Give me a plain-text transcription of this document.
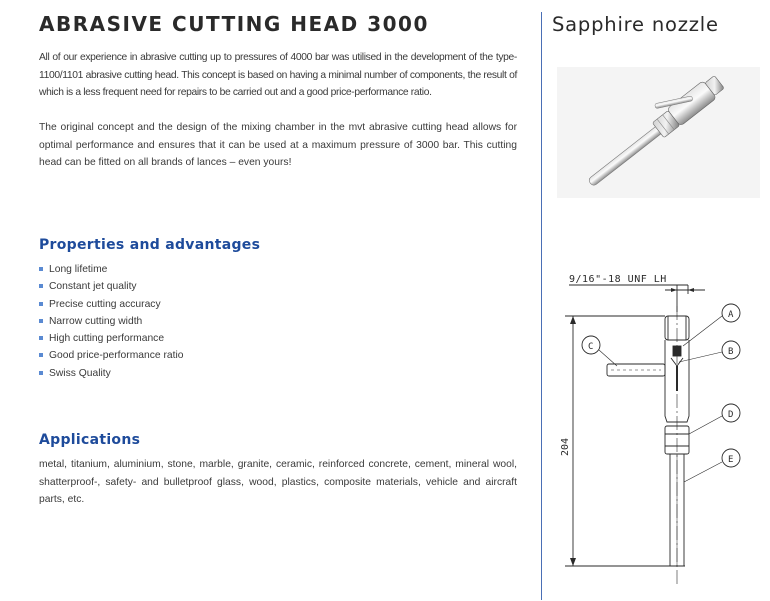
ABRASIVE CUTTING HEAD 3000	Sapphire nozzle

All of our experience in abrasive cutting up to pressures of 4000 bar was utilised in the development of the type-1100/1101 abrasive cutting head. This concept is based on having a minimal number of components, the result of which is a less frequent need for repairs to be carried out and a good price-performance ratio.

The original concept and the design of the mixing chamber in the mvt abrasive cutting head allows for optimal performance and ensures that it can be used at a maximum pressure of 3000 bar. This cutting head can be fitted on all brands of lances – even yours!

Properties and advantages
Long lifetime
Constant jet quality
Precise cutting accuracy
Narrow cutting width
High cutting performance
Good price-performance ratio
Swiss Quality
Applications

metal, titanium, aluminium, stone, marble, granite, ceramic, reinforced concrete, cement, mineral wool, shatterproof-, safety- and bulletproof glass, wood, plastics, composite materials, vehicle and aircraft parts, etc.

9/16"-18 UNF LH
204
A
B
C
D
E
